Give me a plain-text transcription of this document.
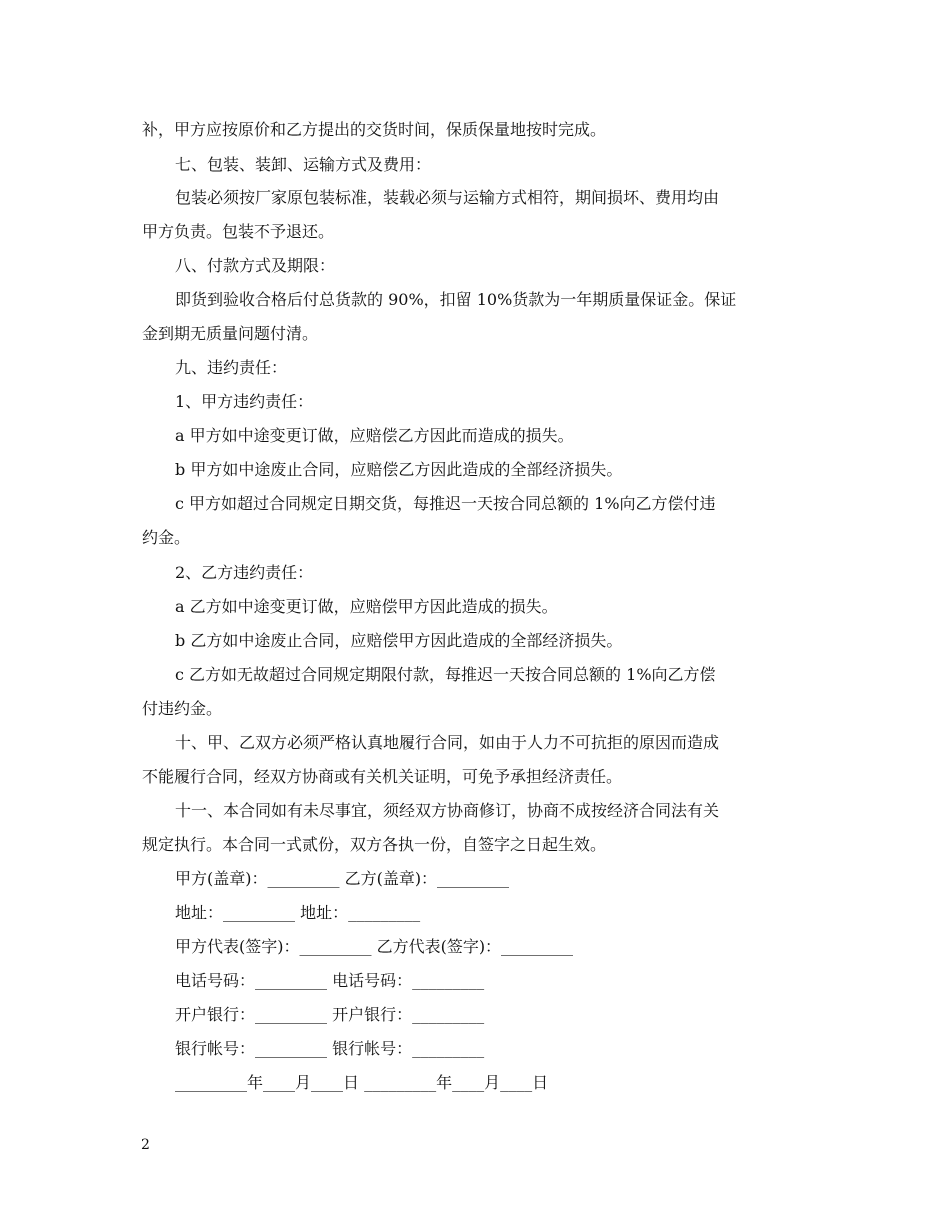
补，甲方应按原价和乙方提出的交货时间，保质保量地按时完成。
七、包装、装卸、运输方式及费用：
包装必须按厂家原包装标准，装载必须与运输方式相符，期间损坏、费用均由
甲方负责。包装不予退还。
八、付款方式及期限：
即货到验收合格后付总货款的 90%，扣留 10%货款为一年期质量保证金。保证
金到期无质量问题付清。
九、违约责任：
1、甲方违约责任：
a 甲方如中途变更订做，应赔偿乙方因此而造成的损失。
b 甲方如中途废止合同，应赔偿乙方因此造成的全部经济损失。
c 甲方如超过合同规定日期交货，每推迟一天按合同总额的 1%向乙方偿付违
约金。
2、乙方违约责任：
a 乙方如中途变更订做，应赔偿甲方因此造成的损失。
b 乙方如中途废止合同，应赔偿甲方因此造成的全部经济损失。
c 乙方如无故超过合同规定期限付款，每推迟一天按合同总额的 1%向乙方偿
付违约金。
十、甲、乙双方必须严格认真地履行合同，如由于人力不可抗拒的原因而造成
不能履行合同，经双方协商或有关机关证明，可免予承担经济责任。
十一、本合同如有未尽事宜，须经双方协商修订，协商不成按经济合同法有关
规定执行。本合同一式贰份，双方各执一份，自签字之日起生效。
甲方(盖章)：_________ 乙方(盖章)：_________
地址：_________ 地址：_________
甲方代表(签字)：_________ 乙方代表(签字)：_________
电话号码：_________ 电话号码：_________
开户银行：_________ 开户银行：_________
银行帐号：_________ 银行帐号：_________
_________年____月____日 _________年____月____日
2
